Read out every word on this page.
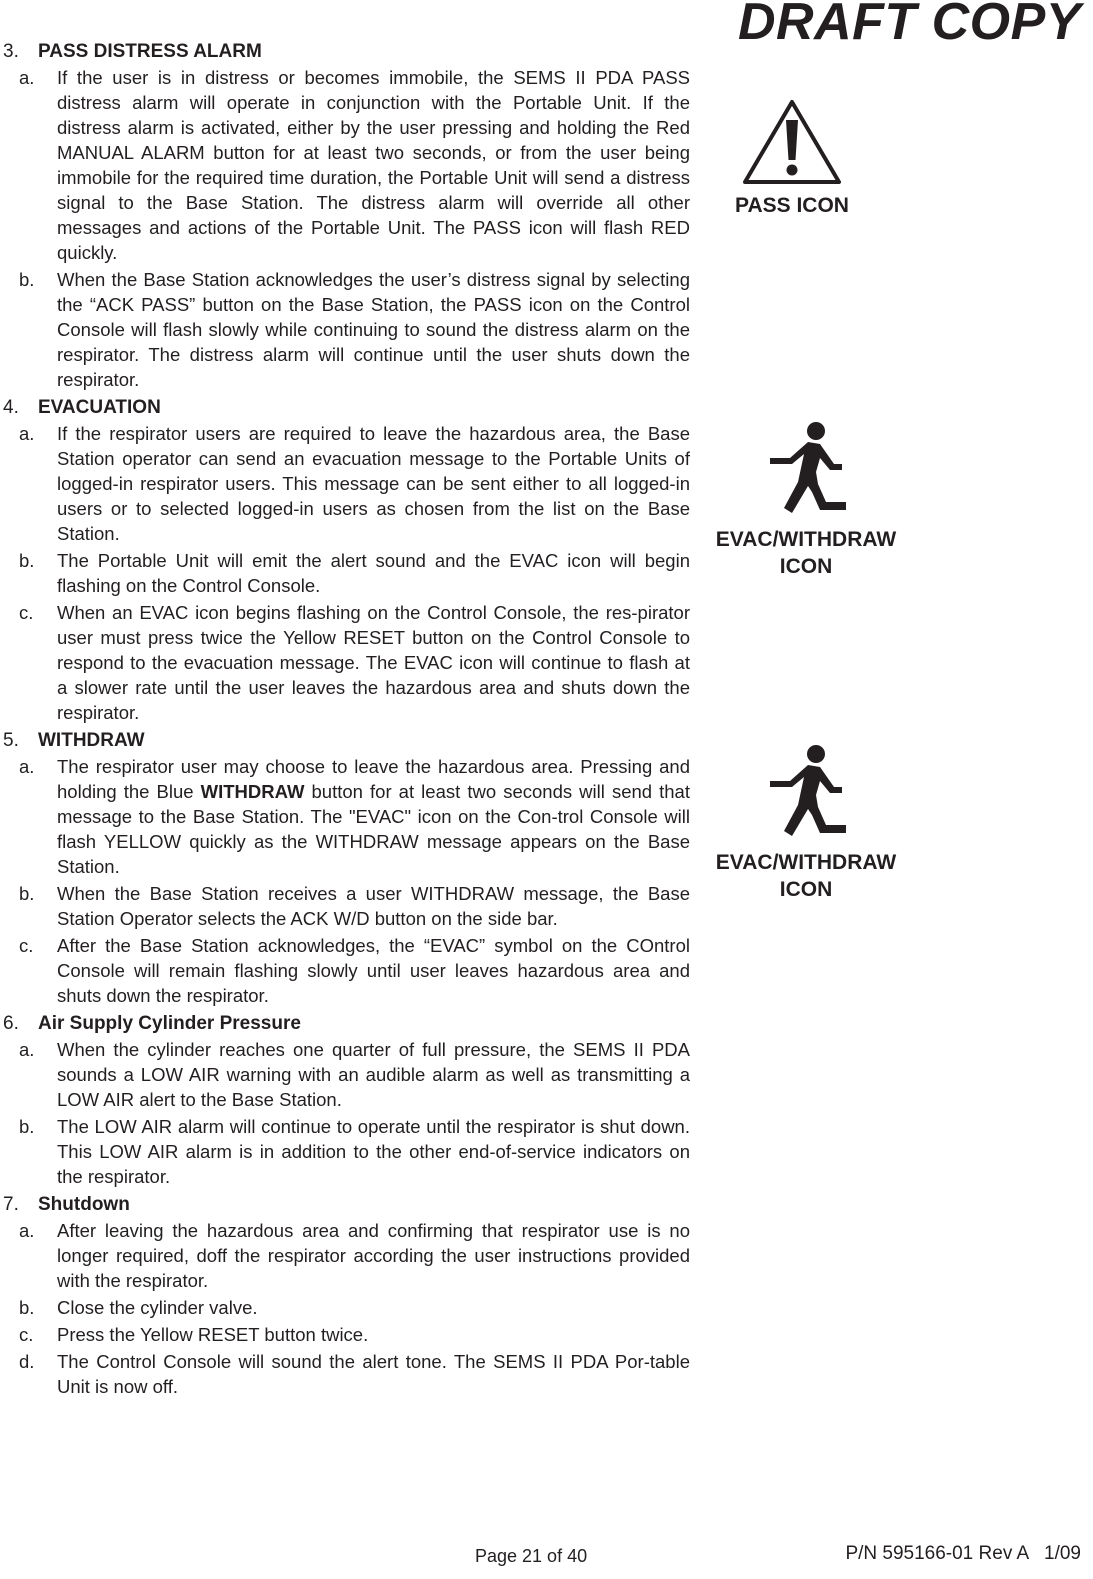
DRAFT COPY
3. PASS DISTRESS ALARM
a. If the user is in distress or becomes immobile, the SEMS II PDA PASS distress alarm will operate in conjunction with the Portable Unit. If the distress alarm is activated, either by the user pressing and holding the Red MANUAL ALARM button for at least two seconds, or from the user being immobile for the required time duration, the Portable Unit will send a distress signal to the Base Station. The distress alarm will override all other messages and actions of the Portable Unit. The PASS icon will flash RED quickly.
b. When the Base Station acknowledges the user’s distress signal by selecting the “ACK PASS” button on the Base Station, the PASS icon on the Control Console will flash slowly while continuing to sound the distress alarm on the respirator. The distress alarm will continue until the user shuts down the respirator.
4. EVACUATION
a. If the respirator users are required to leave the hazardous area, the Base Station operator can send an evacuation message to the Portable Units of logged-in respirator users. This message can be sent either to all logged-in users or to selected logged-in users as chosen from the list on the Base Station.
b. The Portable Unit will emit the alert sound and the EVAC icon will begin flashing on the Control Console.
c. When an EVAC icon begins flashing on the Control Console, the res-pirator user must press twice the Yellow RESET button on the Control Console to respond to the evacuation message. The EVAC icon will continue to flash at a slower rate until the user leaves the hazardous area and shuts down the respirator.
5. WITHDRAW
a. The respirator user may choose to leave the hazardous area. Pressing and holding the Blue WITHDRAW button for at least two seconds will send that message to the Base Station. The "EVAC" icon on the Con-trol Console will flash YELLOW quickly as the WITHDRAW message appears on the Base Station.
b. When the Base Station receives a user WITHDRAW message, the Base Station Operator selects the ACK W/D button on the side bar.
c. After the Base Station acknowledges, the “EVAC” symbol on the COntrol Console will remain flashing slowly until user leaves hazardous area and shuts down the respirator.
6. Air Supply Cylinder Pressure
a. When the cylinder reaches one quarter of full pressure, the SEMS II PDA sounds a LOW AIR warning with an audible alarm as well as transmitting a LOW AIR alert to the Base Station.
b. The LOW AIR alarm will continue to operate until the respirator is shut down. This LOW AIR alarm is in addition to the other end-of-service indicators on the respirator.
7. Shutdown
a. After leaving the hazardous area and confirming that respirator use is no longer required, doff the respirator according the user instructions provided with the respirator.
b. Close the cylinder valve.
c. Press the Yellow RESET button twice.
d. The Control Console will sound the alert tone. The SEMS II PDA Por-table Unit is now off.
PASS ICON
EVAC/WITHDRAW
ICON
EVAC/WITHDRAW
ICON
Page 21 of 40	P/N 595166-01 Rev A   1/09
